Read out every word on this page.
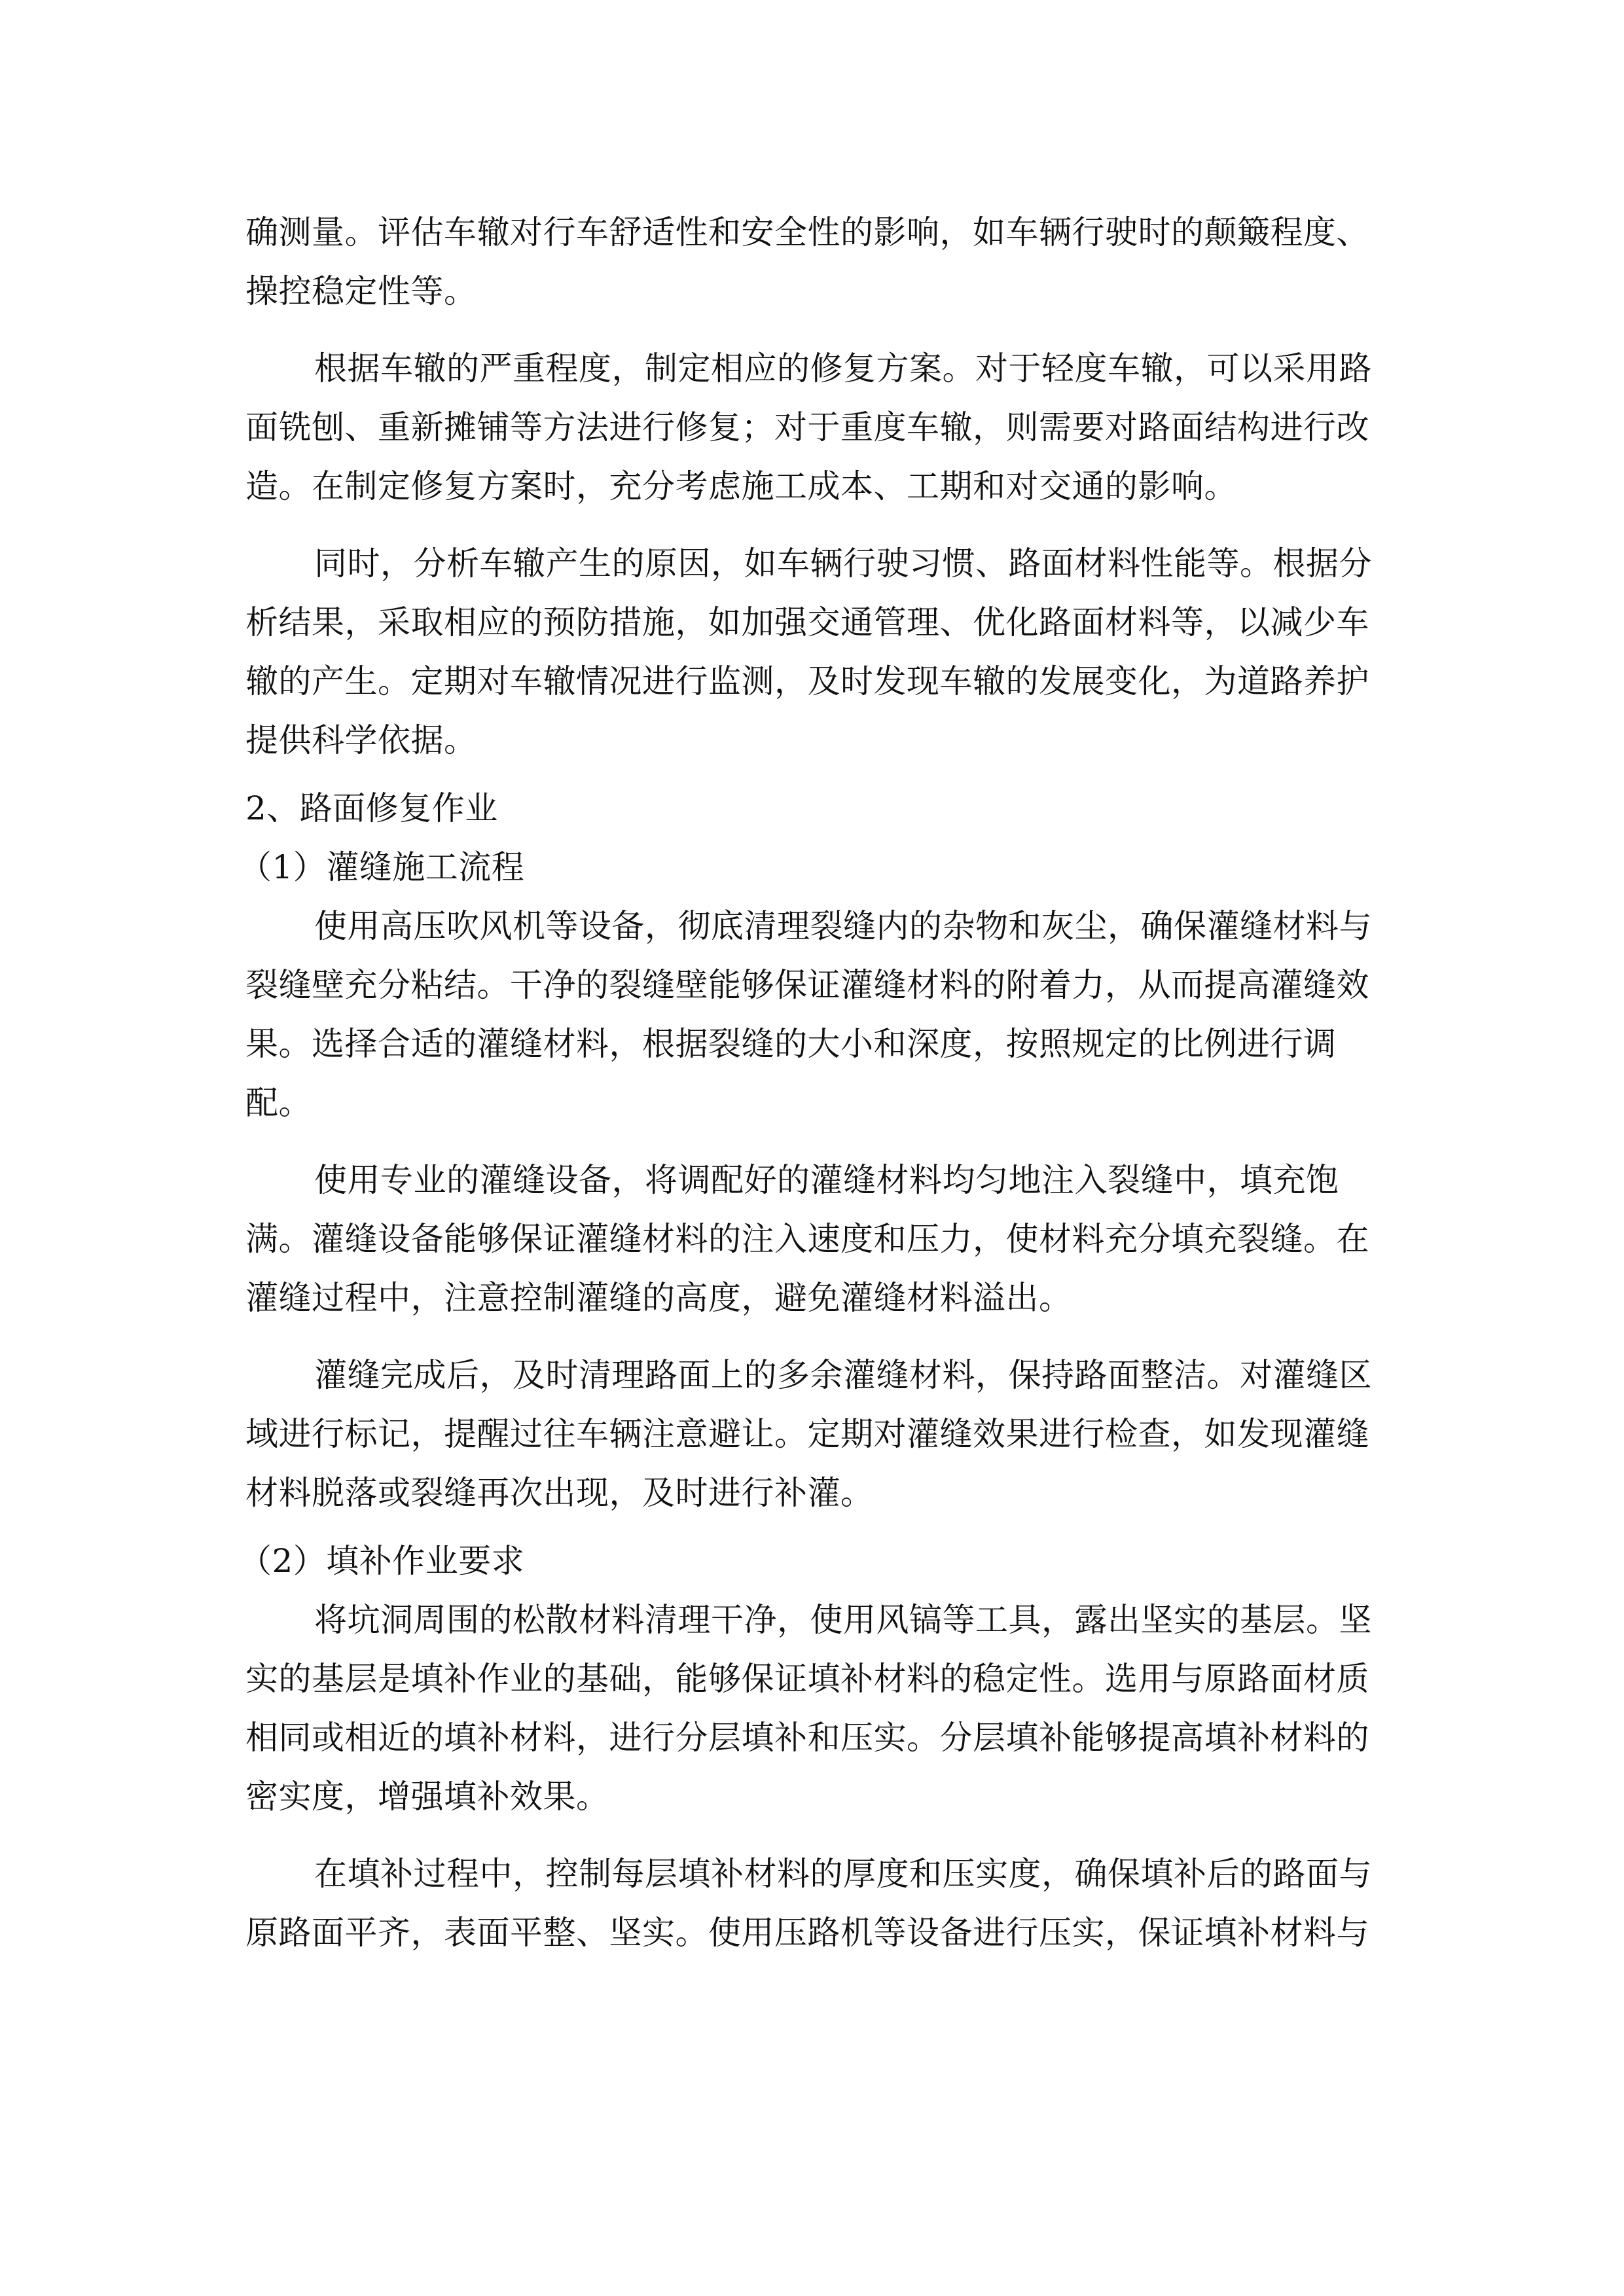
确测量。评估车辙对行车舒适性和安全性的影响，如车辆行驶时的颠簸程度、操控稳定性等。

根据车辙的严重程度，制定相应的修复方案。对于轻度车辙，可以采用路面铣刨、重新摊铺等方法进行修复；对于重度车辙，则需要对路面结构进行改造。在制定修复方案时，充分考虑施工成本、工期和对交通的影响。

同时，分析车辙产生的原因，如车辆行驶习惯、路面材料性能等。根据分析结果，采取相应的预防措施，如加强交通管理、优化路面材料等，以减少车辙的产生。定期对车辙情况进行监测，及时发现车辙的发展变化，为道路养护提供科学依据。

2、路面修复作业

（1）灌缝施工流程

使用高压吹风机等设备，彻底清理裂缝内的杂物和灰尘，确保灌缝材料与裂缝壁充分粘结。干净的裂缝壁能够保证灌缝材料的附着力，从而提高灌缝效果。选择合适的灌缝材料，根据裂缝的大小和深度，按照规定的比例进行调配。

使用专业的灌缝设备，将调配好的灌缝材料均匀地注入裂缝中，填充饱满。灌缝设备能够保证灌缝材料的注入速度和压力，使材料充分填充裂缝。在灌缝过程中，注意控制灌缝的高度，避免灌缝材料溢出。

灌缝完成后，及时清理路面上的多余灌缝材料，保持路面整洁。对灌缝区域进行标记，提醒过往车辆注意避让。定期对灌缝效果进行检查，如发现灌缝材料脱落或裂缝再次出现，及时进行补灌。

（2）填补作业要求

将坑洞周围的松散材料清理干净，使用风镐等工具，露出坚实的基层。坚实的基层是填补作业的基础，能够保证填补材料的稳定性。选用与原路面材质相同或相近的填补材料，进行分层填补和压实。分层填补能够提高填补材料的密实度，增强填补效果。

在填补过程中，控制每层填补材料的厚度和压实度，确保填补后的路面与原路面平齐，表面平整、坚实。使用压路机等设备进行压实，保证填补材料与
